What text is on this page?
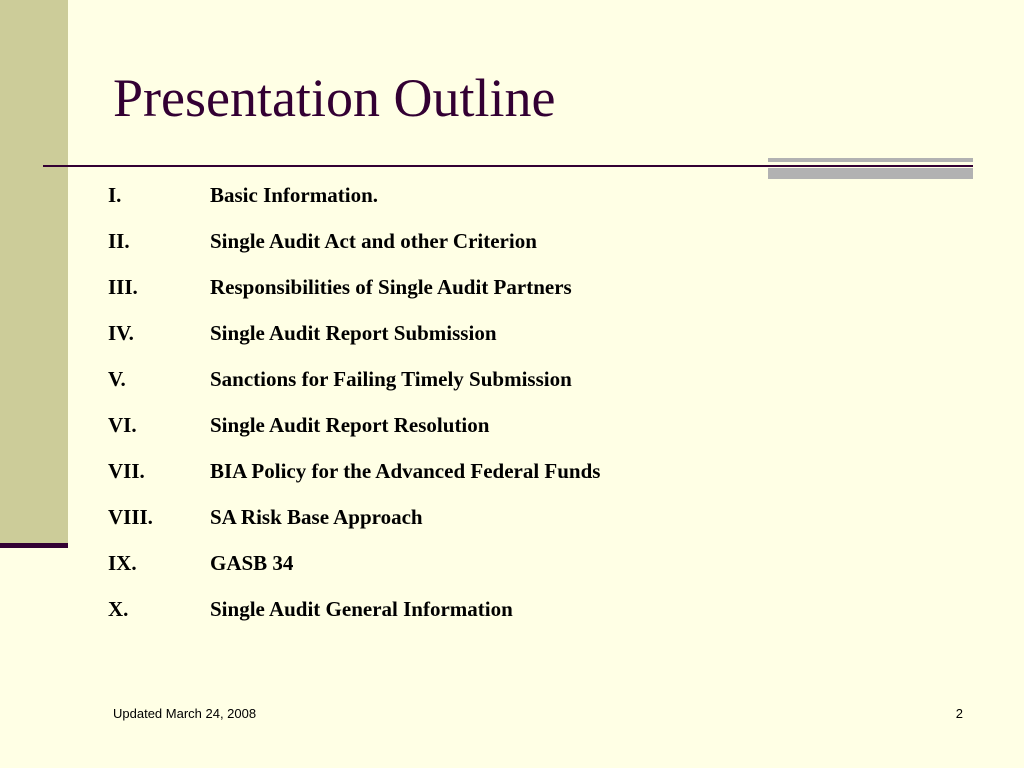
Presentation Outline
I.	Basic Information.
II.	Single Audit Act and other Criterion
III.	Responsibilities of Single Audit Partners
IV.	Single Audit Report Submission
V.	Sanctions for Failing Timely Submission
VI.	Single Audit Report Resolution
VII.	BIA Policy for the Advanced Federal Funds
VIII.	SA Risk Base Approach
IX.	GASB 34
X.	Single Audit General Information
Updated March 24, 2008	2
